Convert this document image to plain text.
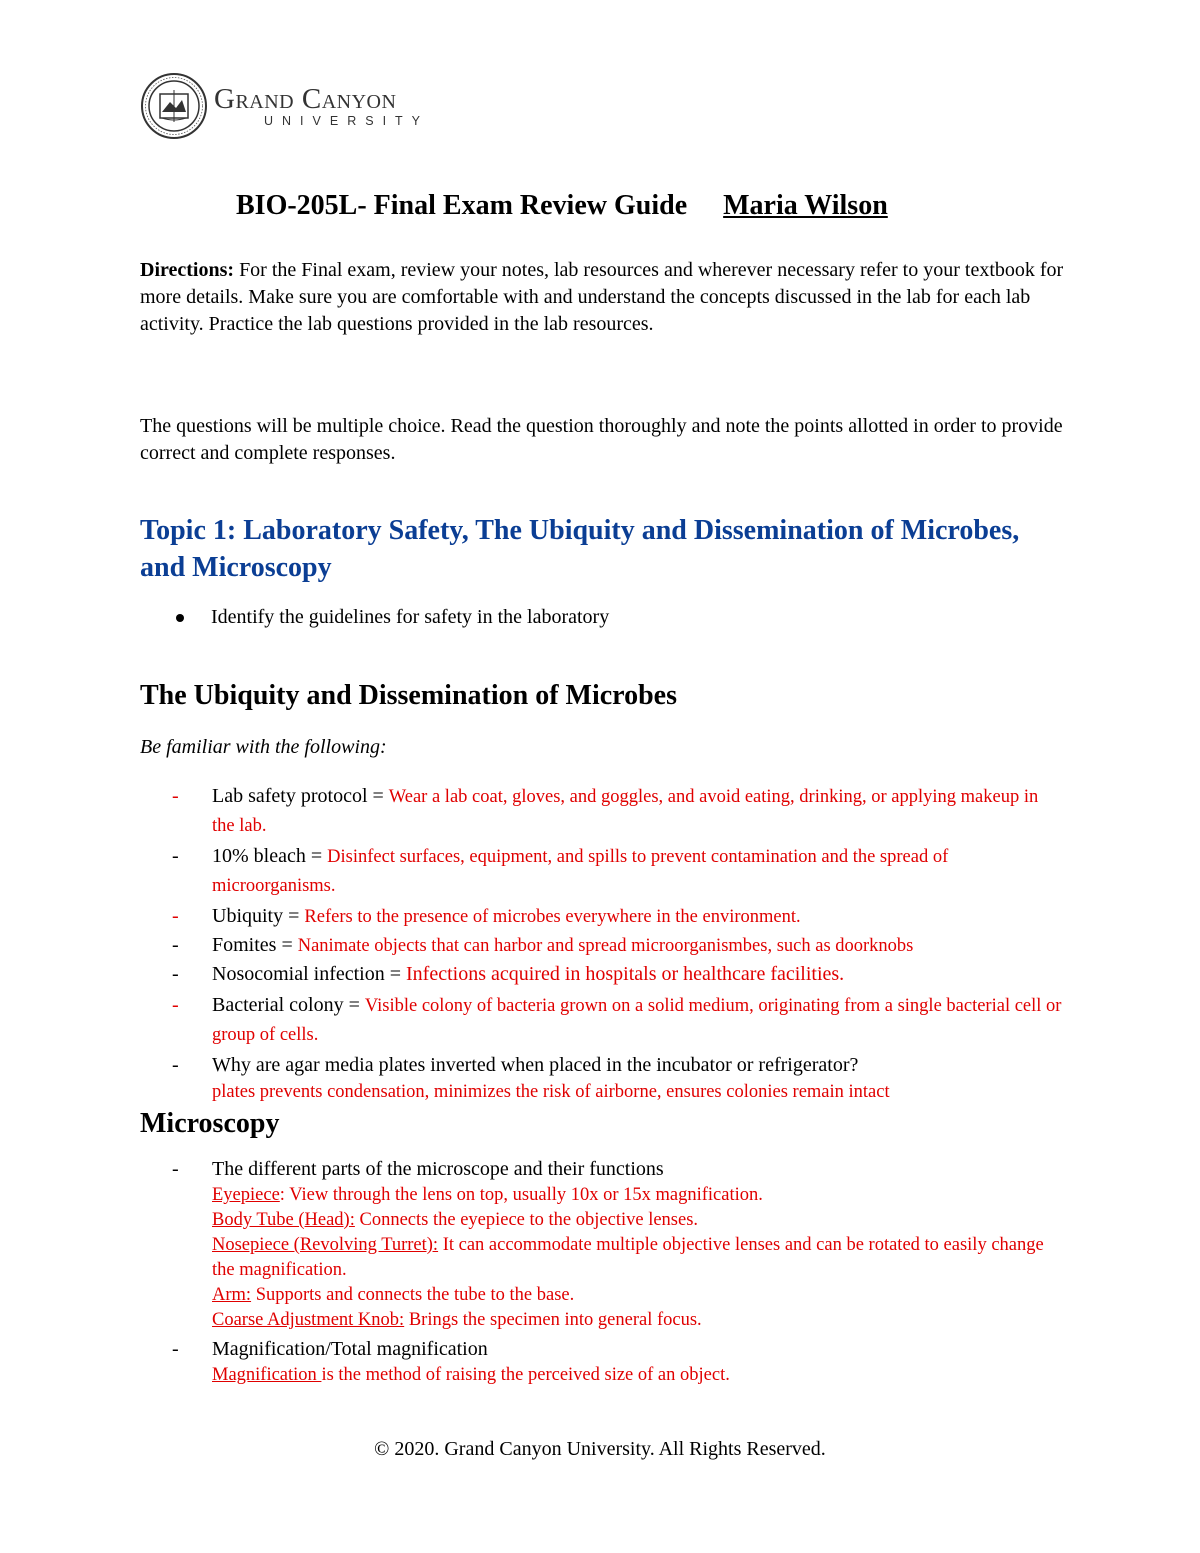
Grand Canyon
UNIVERSITY
BIO-205L- Final Exam Review Guide Maria Wilson
Directions: For the Final exam, review your notes, lab resources and wherever necessary refer to your textbook for more details. Make sure you are comfortable with and understand the concepts discussed in the lab for each lab activity. Practice the lab questions provided in the lab resources.
The questions will be multiple choice. Read the question thoroughly and note the points allotted in order to provide correct and complete responses.
Topic 1: Laboratory Safety, The Ubiquity and Dissemination of Microbes, and Microscopy
Identify the guidelines for safety in the laboratory
The Ubiquity and Dissemination of Microbes
Be familiar with the following:
-	Lab safety protocol = Wear a lab coat, gloves, and goggles, and avoid eating, drinking, or applying makeup in the lab.
-	10% bleach = Disinfect surfaces, equipment, and spills to prevent contamination and the spread of microorganisms.
-	Ubiquity = Refers to the presence of microbes everywhere in the environment.
-	Fomites = Nanimate objects that can harbor and spread microorganismbes, such as doorknobs
-	Nosocomial infection = Infections acquired in hospitals or healthcare facilities.
-	Bacterial colony = Visible colony of bacteria grown on a solid medium, originating from a single bacterial cell or group of cells.
-	Why are agar media plates inverted when placed in the incubator or refrigerator?
plates prevents condensation, minimizes the risk of airborne, ensures colonies remain intact
Microscopy
-	The different parts of the microscope and their functions
Eyepiece: View through the lens on top, usually 10x or 15x magnification.
Body Tube (Head): Connects the eyepiece to the objective lenses.
Nosepiece (Revolving Turret): It can accommodate multiple objective lenses and can be rotated to easily change the magnification.
Arm: Supports and connects the tube to the base.
Coarse Adjustment Knob: Brings the specimen into general focus.
-	Magnification/Total magnification
Magnification is the method of raising the perceived size of an object.
© 2020. Grand Canyon University. All Rights Reserved.
